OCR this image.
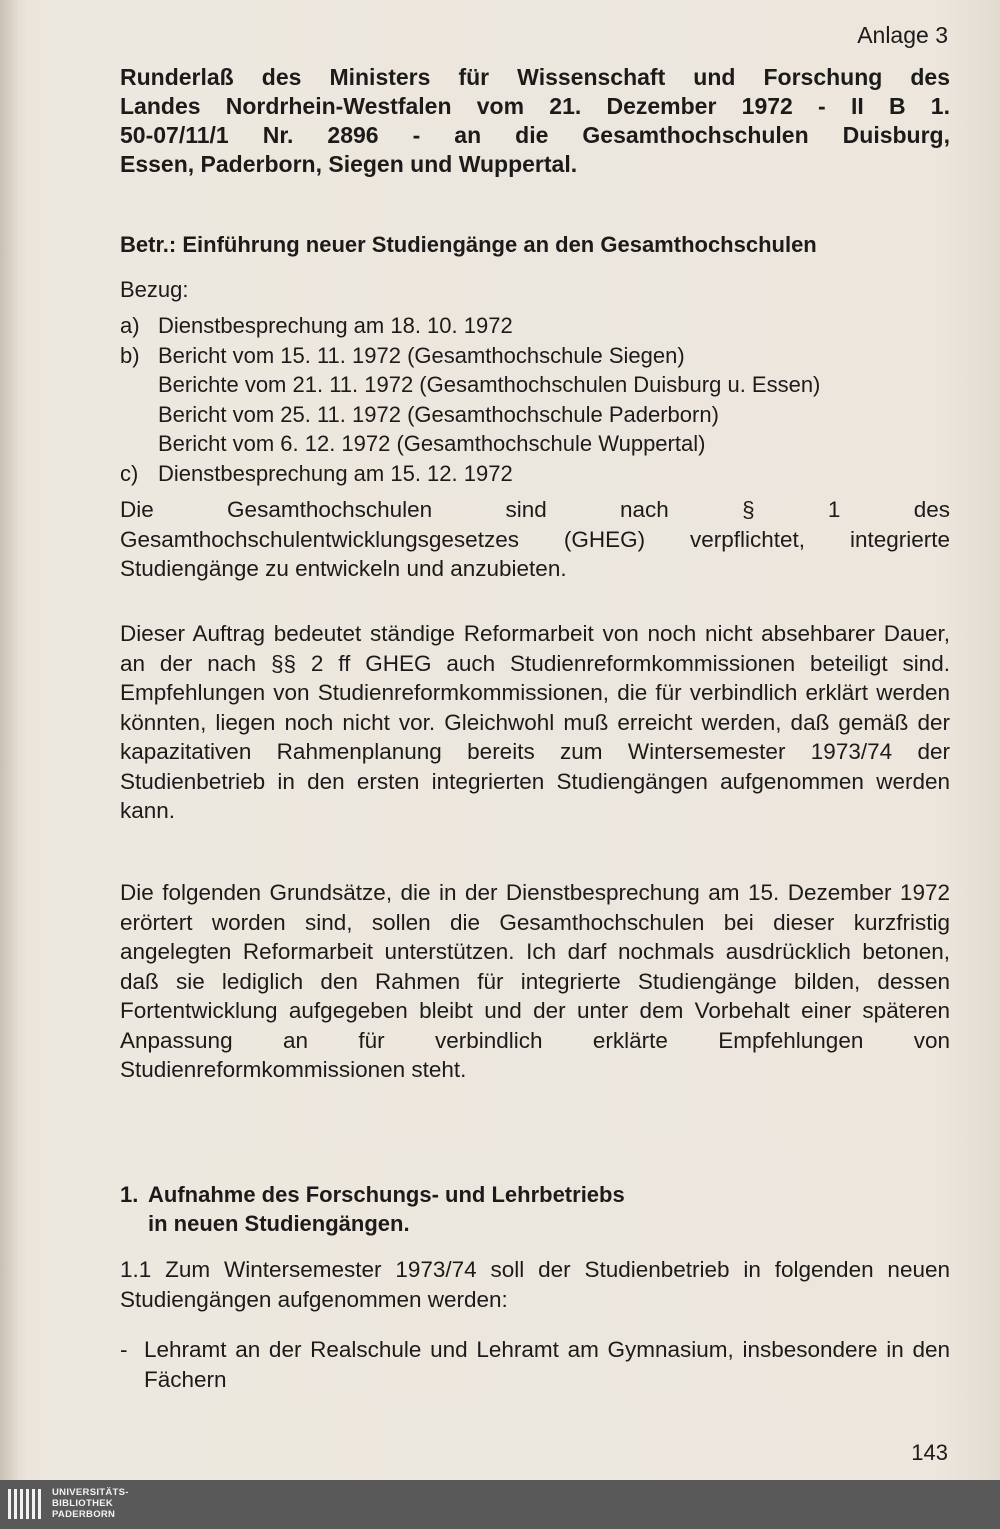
Anlage 3
Runderlaß des Ministers für Wissenschaft und Forschung des
Landes Nordrhein-Westfalen vom 21. Dezember 1972 - II B 1.
50-07/11/1 Nr. 2896 - an die Gesamthochschulen Duisburg,
Essen, Paderborn, Siegen und Wuppertal.
Betr.: Einführung neuer Studiengänge an den Gesamthochschulen
Bezug:
a) Dienstbesprechung am 18. 10. 1972
b) Bericht vom 15. 11. 1972 (Gesamthochschule Siegen)
Berichte vom 21. 11. 1972 (Gesamthochschulen Duisburg u. Essen)
Bericht vom 25. 11. 1972 (Gesamthochschule Paderborn)
Bericht vom 6. 12. 1972 (Gesamthochschule Wuppertal)
c) Dienstbesprechung am 15. 12. 1972

Die Gesamthochschulen sind nach § 1 des Gesamthochschulentwicklungsgesetzes (GHEG) verpflichtet, integrierte Studiengänge zu entwickeln und anzubieten.

Dieser Auftrag bedeutet ständige Reformarbeit von noch nicht absehbarer Dauer, an der nach §§ 2 ff GHEG auch Studienreformkommissionen beteiligt sind. Empfehlungen von Studienreformkommissionen, die für verbindlich erklärt werden könnten, liegen noch nicht vor. Gleichwohl muß erreicht werden, daß gemäß der kapazitativen Rahmenplanung bereits zum Wintersemester 1973/74 der Studienbetrieb in den ersten integrierten Studiengängen aufgenommen werden kann.

Die folgenden Grundsätze, die in der Dienstbesprechung am 15. Dezember 1972 erörtert worden sind, sollen die Gesamthochschulen bei dieser kurzfristig angelegten Reformarbeit unterstützen. Ich darf nochmals ausdrücklich betonen, daß sie lediglich den Rahmen für integrierte Studiengänge bilden, dessen Fortentwicklung aufgegeben bleibt und der unter dem Vorbehalt einer späteren Anpassung an für verbindlich erklärte Empfehlungen von Studienreformkommissionen steht.

1. Aufnahme des Forschungs- und Lehrbetriebs
in neuen Studiengängen.

1.1 Zum Wintersemester 1973/74 soll der Studienbetrieb in folgenden neuen Studiengängen aufgenommen werden:

- Lehramt an der Realschule und Lehramt am Gymnasium, insbesondere in den Fächern
143
UNIVERSITÄTS-
BIBLIOTHEK
PADERBORN
